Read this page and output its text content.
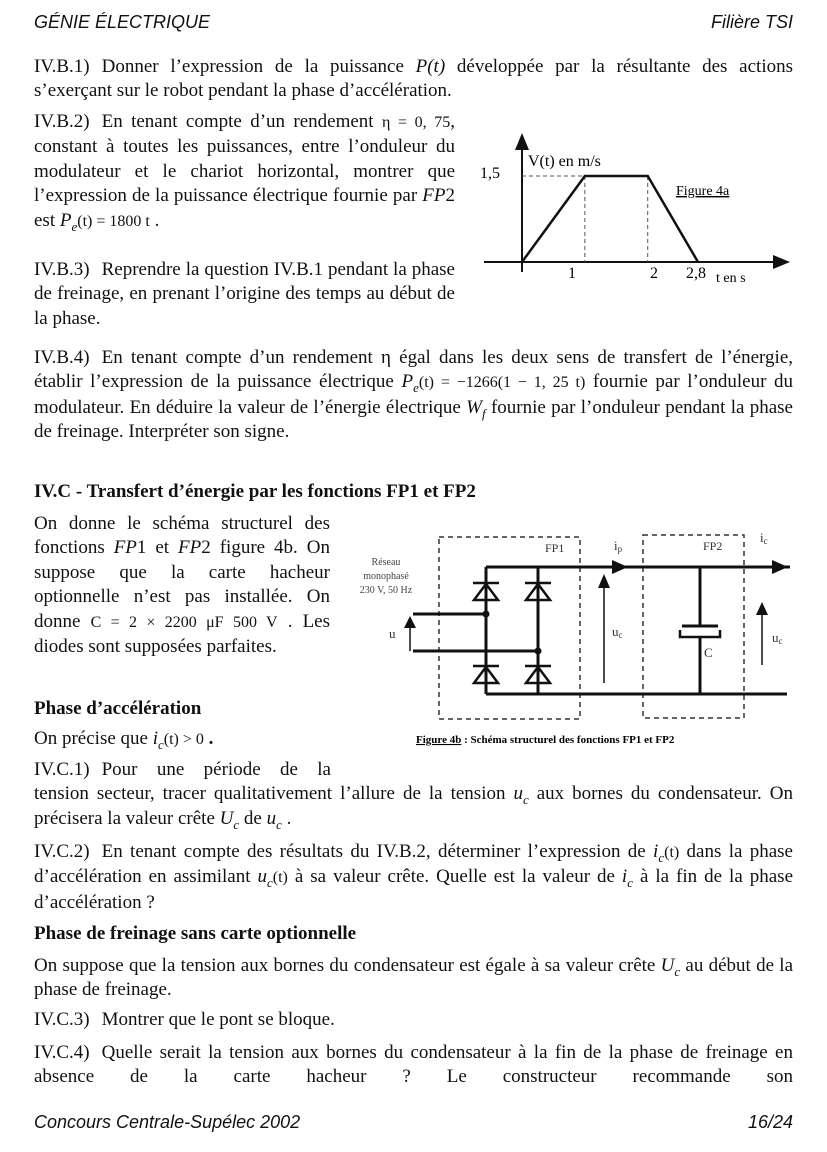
GÉNIE ÉLECTRIQUE	Filière TSI
IV.B.1) Donner l’expression de la puissance P(t) développée par la résultante des actions s’exerçant sur le robot pendant la phase d’accélération.
IV.B.2) En tenant compte d’un rendement η = 0, 75, constant à toutes les puissances, entre l’onduleur du modulateur et le chariot horizontal, montrer que l’expression de la puissance électrique fournie par FP2 est $P_e(t) = 1800$ t .
1,5
V(t) en m/s
Figure 4a
1	2 2,8 t en s
IV.B.3) Reprendre la question IV.B.1 pendant la phase de freinage, en prenant l’origine des temps au début de la phase.
IV.B.4) En tenant compte d’un rendement η égal dans les deux sens de transfert de l’énergie, établir l’expression de la puissance électrique $P_e(t) = -1266(1 - 1$, 25 t) fournie par l’onduleur du modulateur. En déduire la valeur de l’énergie électrique $W_f$ fournie par l’onduleur pendant la phase de freinage. Interpréter son signe.
IV.C - Transfert d’énergie par les fonctions FP1 et FP2
On donne le schéma structurel des fonctions FP1 et FP2 figure 4b. On suppose que la carte hacheur optionnelle n’est pas installée. On donne C = 2 × 2200 μF 500 V . Les diodes sont supposées parfaites.
Réseau
monophasé
230 V, 50 Hz
u	uc	uc
ip
ic
FP1	FP2
C
Figure 4b : Schéma structurel des fonctions FP1 et FP2
Phase d’accélération
On précise que $i_c(t) > 0$ .
IV.C.1) Pour une période de la tension secteur, tracer qualitativement l’allure de la tension $u_c$ aux bornes du condensateur. On précisera la valeur crête $U_c$ de $u_c$ .
IV.C.2) En tenant compte des résultats du IV.B.2, déterminer l’expression de $i_c(t)$ dans la phase d’accélération en assimilant $u_c(t)$ à sa valeur crête. Quelle est la valeur de $i_c$ à la fin de la phase d’accélération ?
Phase de freinage sans carte optionnelle
On suppose que la tension aux bornes du condensateur est égale à sa valeur crête $U_c$ au début de la phase de freinage.
IV.C.3) Montrer que le pont se bloque.
IV.C.4) Quelle serait la tension aux bornes du condensateur à la fin de la phase de freinage en absence de la carte hacheur ? Le constructeur recommande son
Concours Centrale-Supélec 2002	16/24
